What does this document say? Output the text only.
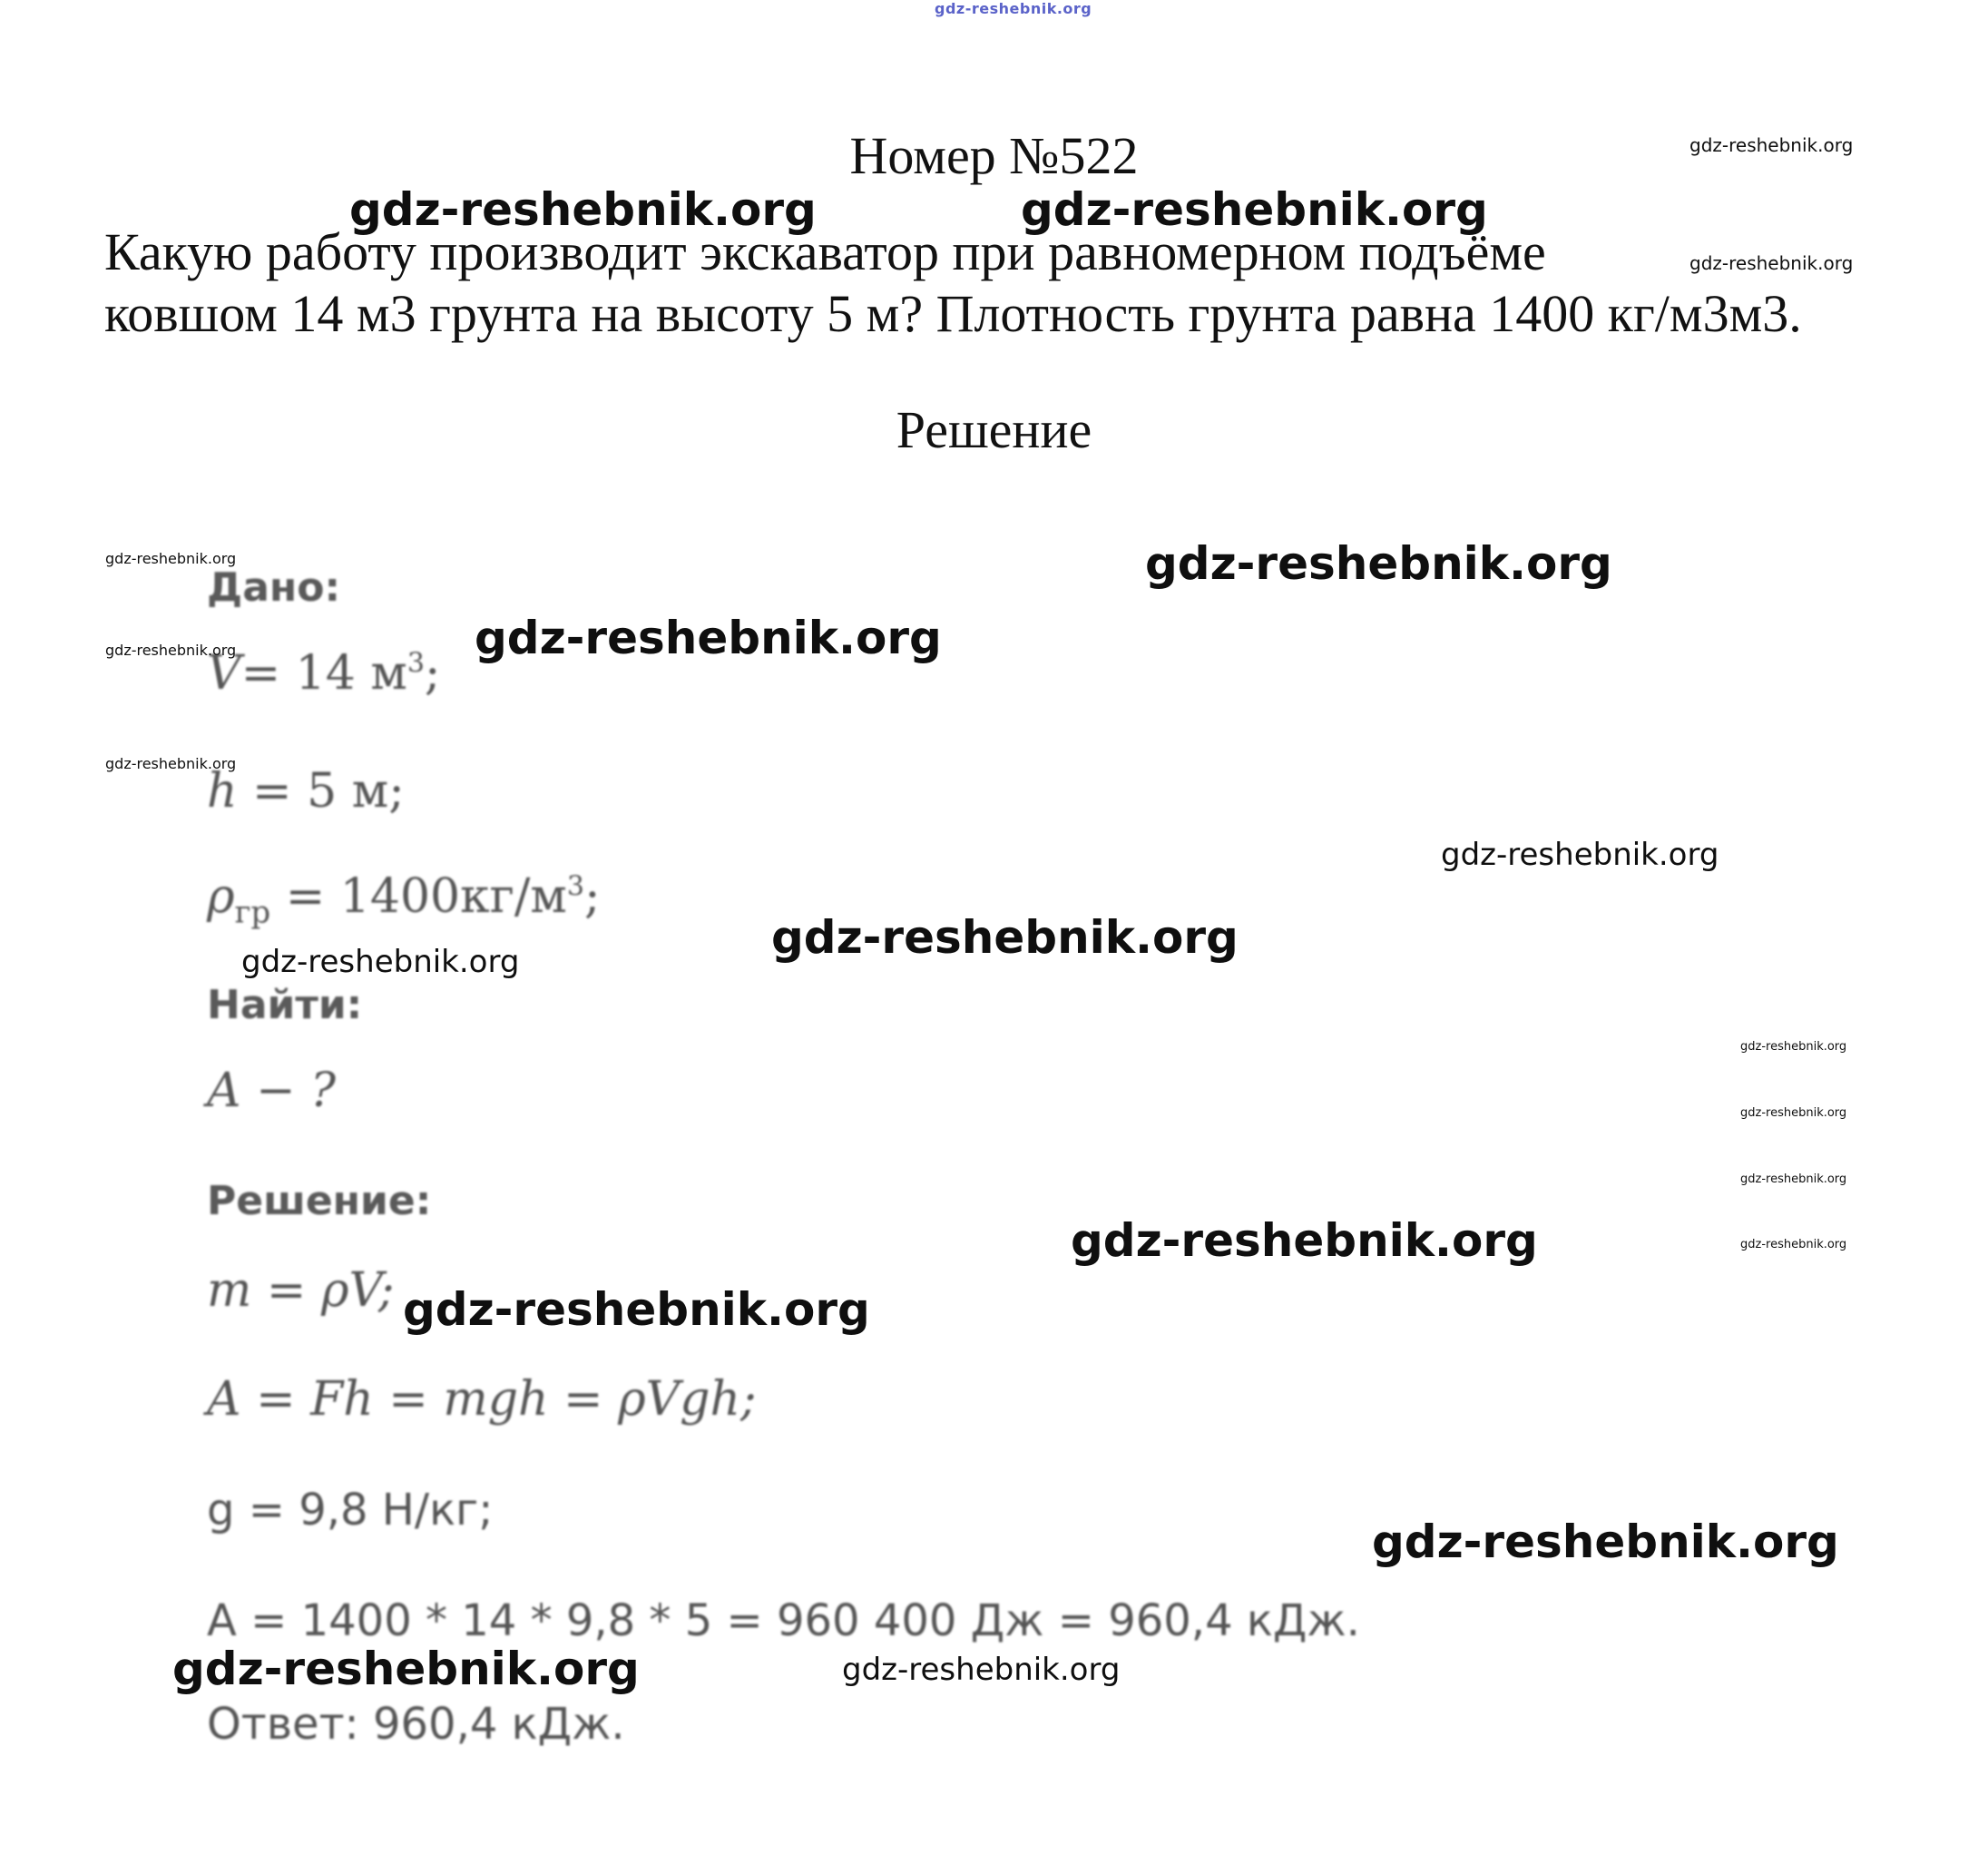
gdz-reshebnik.org
Номер №522

Какую работу производит экскаватор при равномерном подъёме

ковшом 14 м3 грунта на высоту 5 м? Плотность грунта равна 1400 кг/м3м3.

Решение
Дано:
V= 14 $м^3$;
h = 5 м;
$\rho_{гр} = 1400кг/м^3$;
Найти:
A − ?
Решение:
m = ρV;
A = Fh = mgh = ρVgh;
g = 9,8 Н/кг;
A = 1400 * 14 * 9,8 * 5 = 960 400 Дж = 960,4 кДж.
Ответ: 960,4 кДж.
gdz-reshebnik.org
gdz-reshebnik.org	gdz-reshebnik.org
gdz-reshebnik.org
gdz-reshebnik.org	gdz-reshebnik.org
gdz-reshebnik.org	gdz-reshebnik.org
gdz-reshebnik.org
gdz-reshebnik.org
gdz-reshebnik.org
gdz-reshebnik.org
gdz-reshebnik.org
gdz-reshebnik.org
gdz-reshebnik.org
gdz-reshebnik.org
gdz-reshebnik.org
gdz-reshebnik.org
gdz-reshebnik.org
gdz-reshebnik.org	gdz-reshebnik.org
